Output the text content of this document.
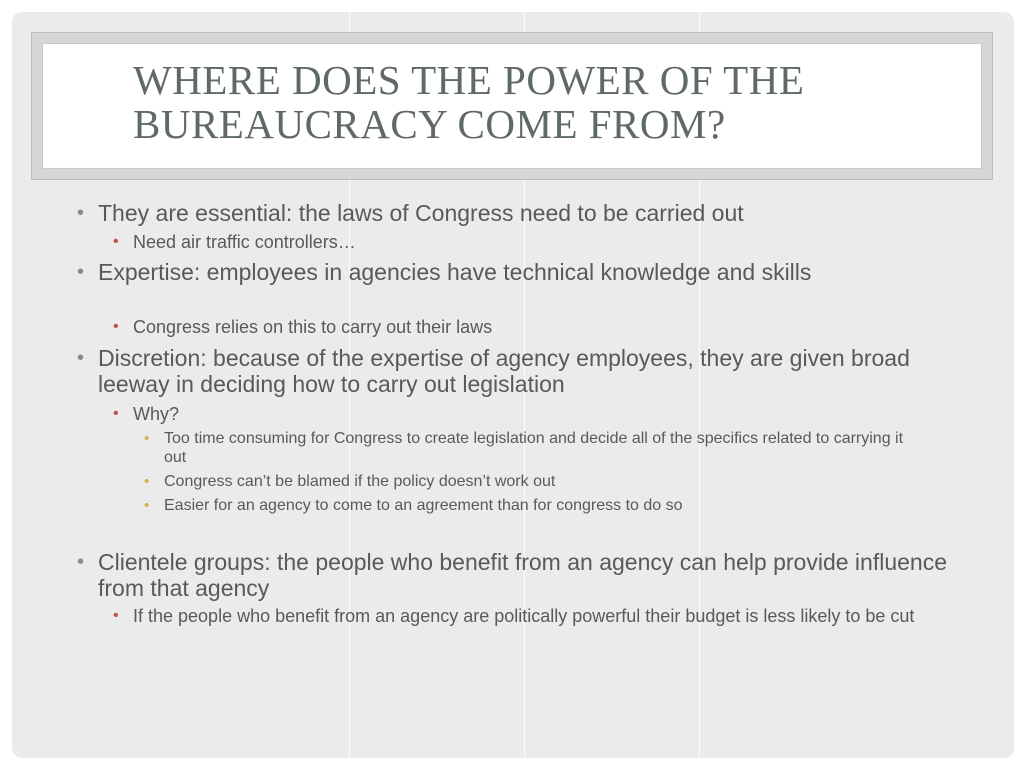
WHERE DOES THE POWER OF THE BUREAUCRACY COME FROM?
• They are essential: the laws of Congress need to be carried out
• Need air traffic controllers…
• Expertise: employees in agencies have technical knowledge and skills
• Congress relies on this to carry out their laws
• Discretion: because of the expertise of agency employees, they are given broad leeway in deciding how to carry out legislation
• Why?
• Too time consuming for Congress to create legislation and decide all of the specifics related to carrying it out
• Congress can’t be blamed if the policy doesn’t work out
• Easier for an agency to come to an agreement than for congress to do so
• Clientele groups: the people who benefit from an agency can help provide influence from that agency
• If the people who benefit from an agency are politically powerful their budget is less likely to be cut
